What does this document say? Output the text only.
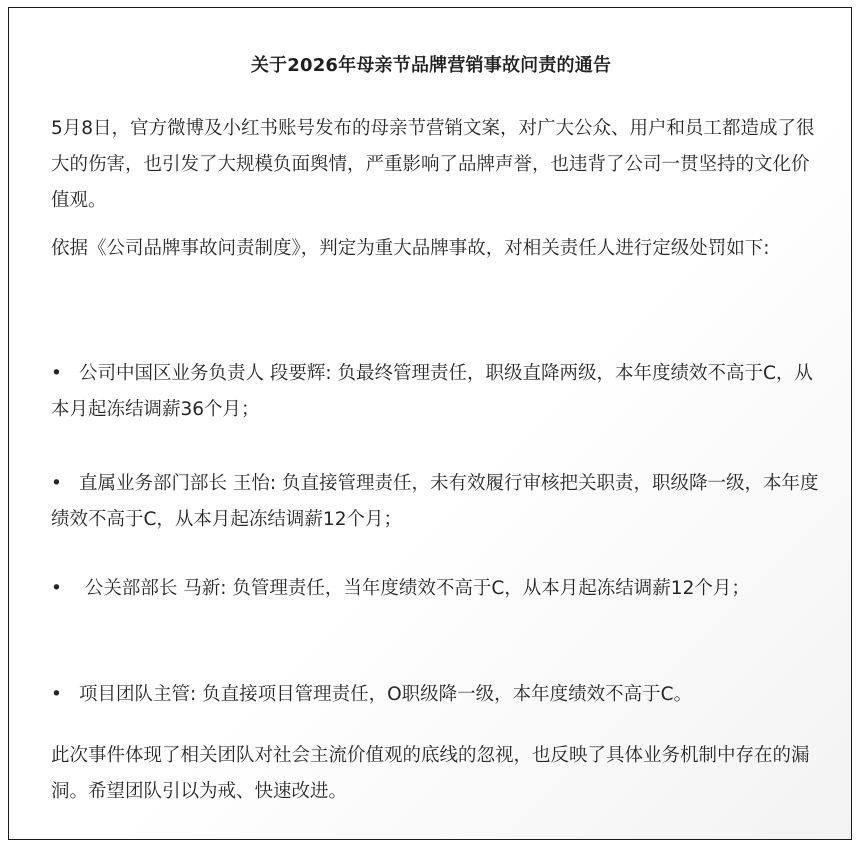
关于2026年母亲节品牌营销事故问责的通告

5月8日，官方微博及小红书账号发布的母亲节营销文案，对广大公众、用户和员工都造成了很大的伤害，也引发了大规模负面舆情，严重影响了品牌声誉，也违背了公司一贯坚持的文化价值观。

依据《公司品牌事故问责制度》，判定为重大品牌事故，对相关责任人进行定级处罚如下:

• 公司中国区业务负责人 段要辉: 负最终管理责任，职级直降两级，本年度绩效不高于C，从本月起冻结调薪36个月；

• 直属业务部门部长 王怡: 负直接管理责任，未有效履行审核把关职责，职级降一级，本年度绩效不高于C，从本月起冻结调薪12个月；

• 公关部部长 马新: 负管理责任，当年度绩效不高于C，从本月起冻结调薪12个月；

• 项目团队主管: 负直接项目管理责任，O职级降一级，本年度绩效不高于C。

此次事件体现了相关团队对社会主流价值观的底线的忽视，也反映了具体业务机制中存在的漏洞。希望团队引以为戒、快速改进。
